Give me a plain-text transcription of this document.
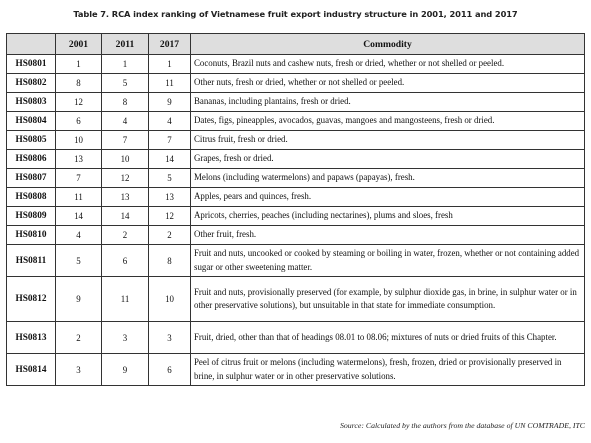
Table 7. RCA index ranking of Vietnamese fruit export industry structure in 2001, 2011 and 2017
	2001	2011	2017	Commodity
HS0801	1	1	1	Coconuts, Brazil nuts and cashew nuts, fresh or dried, whether or not shelled or peeled.
HS0802	8	5	11	Other nuts, fresh or dried, whether or not shelled or peeled.
HS0803	12	8	9	Bananas, including plantains, fresh or dried.
HS0804	6	4	4	Dates, figs, pineapples, avocados, guavas, mangoes and mangosteens, fresh or dried.
HS0805	10	7	7	Citrus fruit, fresh or dried.
HS0806	13	10	14	Grapes, fresh or dried.
HS0807	7	12	5	Melons (including watermelons) and papaws (papayas), fresh.
HS0808	11	13	13	Apples, pears and quinces, fresh.
HS0809	14	14	12	Apricots, cherries, peaches (including nectarines), plums and sloes, fresh
HS0810	4	2	2	Other fruit, fresh.
HS0811	5	6	8	Fruit and nuts, uncooked or cooked by steaming or boiling in water, frozen, whether or not containing added sugar or other sweetening matter.
HS0812	9	11	10	Fruit and nuts, provisionally preserved (for example, by sulphur dioxide gas, in brine, in sulphur water or in other preservative solutions), but unsuitable in that state for immediate consumption.
HS0813	2	3	3	Fruit, dried, other than that of headings 08.01 to 08.06; mixtures of nuts or dried fruits of this Chapter.
HS0814	3	9	6	Peel of citrus fruit or melons (including watermelons), fresh, frozen, dried or provisionally preserved in brine, in sulphur water or in other preservative solutions.
Source: Calculated by the authors from the database of UN COMTRADE, ITC
